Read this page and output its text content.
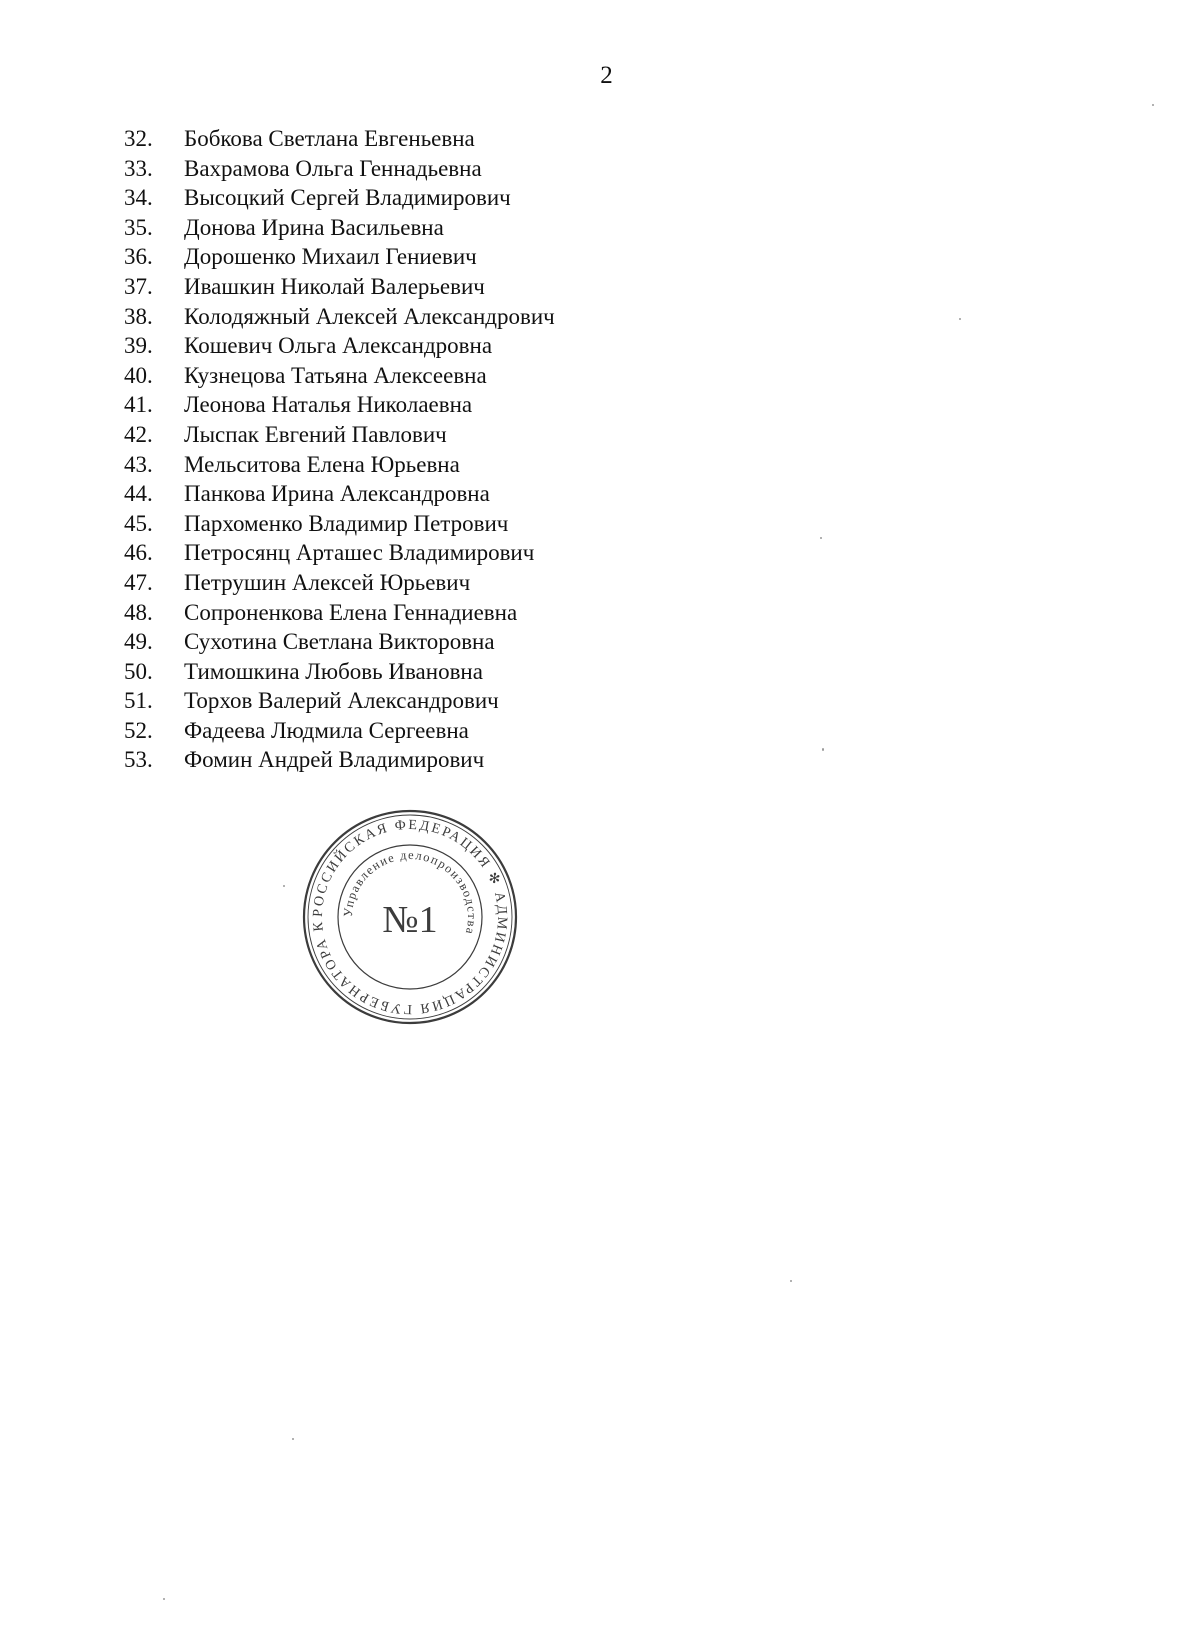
2
32.	Бобкова Светлана Евгеньевна
33.	Вахрамова Ольга Геннадьевна
34.	Высоцкий Сергей Владимирович
35.	Донова Ирина Васильевна
36.	Дорошенко Михаил Гениевич
37.	Ивашкин Николай Валерьевич
38.	Колодяжный Алексей Александрович
39.	Кошевич Ольга Александровна
40.	Кузнецова Татьяна Алексеевна
41.	Леонова Наталья Николаевна
42.	Лыспак Евгений Павлович
43.	Мельситова Елена Юрьевна
44.	Панкова Ирина Александровна
45.	Пархоменко Владимир Петрович
46.	Петросянц Арташес Владимирович
47.	Петрушин Алексей Юрьевич
48.	Сопроненкова Елена Геннадиевна
49.	Сухотина Светлана Викторовна
50.	Тимошкина Любовь Ивановна
51.	Торхов Валерий Александрович
52.	Фадеева Людмила Сергеевна
53.	Фомин Андрей Владимирович
РОССИЙСКАЯ ФЕДЕРАЦИЯ ✻ АДМИНИСТРАЦИЯ ГУБЕРНАТОРА К
Управление делопроизводства
№1
